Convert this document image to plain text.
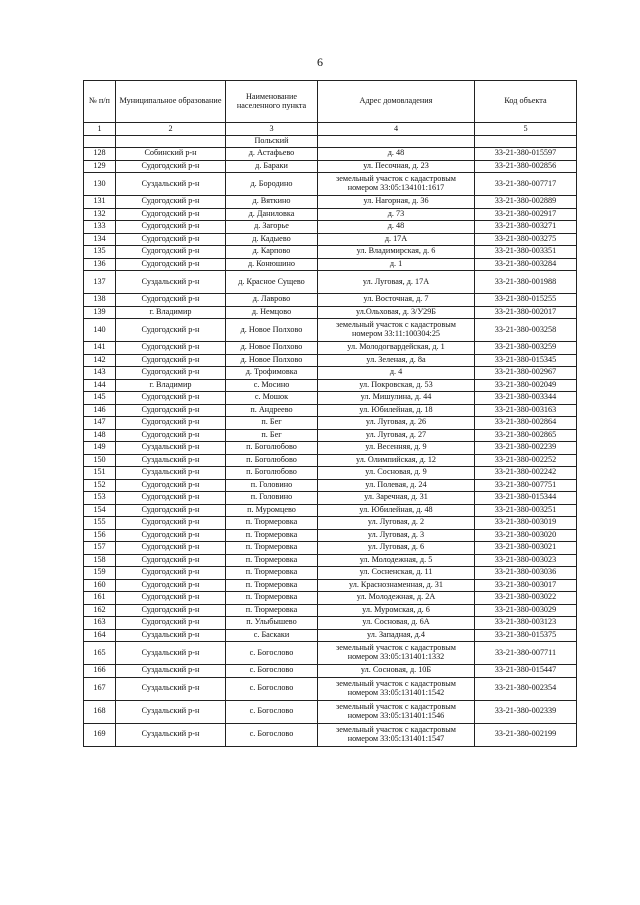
6
№ п/п	Муниципальное образование	Наименование населенного пункта	Адрес домовладения	Код объекта
1	2	3	4	5
		Польский		
128	Собинский р-н	д. Астафьево	д. 48	33-21-380-015597
129	Судогодский р-н	д. Бараки	ул. Песочная, д. 23	33-21-380-002856
130	Суздальский р-н	д. Бородино	земельный участок с кадастровым номером 33:05:134101:1617	33-21-380-007717
131	Судогодский р-н	д. Вяткино	ул. Нагорная, д. 36	33-21-380-002889
132	Судогодский р-н	д. Даниловка	д. 73	33-21-380-002917
133	Судогодский р-н	д. Загорье	д. 48	33-21-380-003271
134	Судогодский р-н	д. Кадыево	д. 17А	33-21-380-003275
135	Судогодский р-н	д. Карпово	ул. Владимирская, д. 6	33-21-380-003351
136	Судогодский р-н	д. Конюшино	д. 1	33-21-380-003284
137	Суздальский р-н	д. Красное Сущево	ул. Луговая, д. 17А	33-21-380-001988
138	Судогодский р-н	д. Лаврово	ул. Восточная, д. 7	33-21-380-015255
139	г. Владимир	д. Немцово	ул.Ольховая, д. 3/У29Б	33-21-380-002017
140	Судогодский р-н	д. Новое Полхово	земельный участок с кадастровым номером 33:11:100304:25	33-21-380-003258
141	Судогодский р-н	д. Новое Полхово	ул. Молодогвардейская, д. 1	33-21-380-003259
142	Судогодский р-н	д. Новое Полхово	ул. Зеленая, д. 8а	33-21-380-015345
143	Судогодский р-н	д. Трофимовка	д. 4	33-21-380-002967
144	г. Владимир	с. Мосино	ул. Покровская, д. 53	33-21-380-002049
145	Судогодский р-н	с. Мошок	ул. Мишулина, д. 44	33-21-380-003344
146	Судогодский р-н	п. Андреево	ул. Юбилейная, д. 18	33-21-380-003163
147	Судогодский р-н	п. Бег	ул. Луговая, д. 26	33-21-380-002864
148	Судогодский р-н	п. Бег	ул. Луговая, д. 27	33-21-380-002865
149	Суздальский р-н	п. Боголюбово	ул. Весенняя, д. 9	33-21-380-002239
150	Суздальский р-н	п. Боголюбово	ул. Олимпийская, д. 12	33-21-380-002252
151	Суздальский р-н	п. Боголюбово	ул. Сосновая, д. 9	33-21-380-002242
152	Судогодский р-н	п. Головино	ул. Полевая, д. 24	33-21-380-007751
153	Судогодский р-н	п. Головино	ул. Заречная, д. 31	33-21-380-015344
154	Судогодский р-н	п. Муромцево	ул. Юбилейная, д. 48	33-21-380-003251
155	Судогодский р-н	п. Тюрмеровка	ул. Луговая, д. 2	33-21-380-003019
156	Судогодский р-н	п. Тюрмеровка	ул. Луговая, д. 3	33-21-380-003020
157	Судогодский р-н	п. Тюрмеровка	ул. Луговая, д. 6	33-21-380-003021
158	Судогодский р-н	п. Тюрмеровка	ул. Молодежная, д. 5	33-21-380-003023
159	Судогодский р-н	п. Тюрмеровка	ул. Сосненская, д. 11	33-21-380-003036
160	Судогодский р-н	п. Тюрмеровка	ул. Краснознаменная, д. 31	33-21-380-003017
161	Судогодский р-н	п. Тюрмеровка	ул. Молодежная, д. 2А	33-21-380-003022
162	Судогодский р-н	п. Тюрмеровка	ул. Муромская, д. 6	33-21-380-003029
163	Судогодский р-н	п. Улыбышево	ул. Сосновая, д. 6А	33-21-380-003123
164	Суздальский р-н	с. Баскаки	ул. Западная, д.4	33-21-380-015375
165	Суздальский р-н	с. Богослово	земельный участок с кадастровым номером 33:05:131401:1332	33-21-380-007711
166	Суздальский р-н	с. Богослово	ул. Сосновая, д. 10Б	33-21-380-015447
167	Суздальский р-н	с. Богослово	земельный участок с кадастровым номером 33:05:131401:1542	33-21-380-002354
168	Суздальский р-н	с. Богослово	земельный участок с кадастровым номером 33:05:131401:1546	33-21-380-002339
169	Суздальский р-н	с. Богослово	земельный участок с кадастровым номером 33:05:131401:1547	33-21-380-002199
